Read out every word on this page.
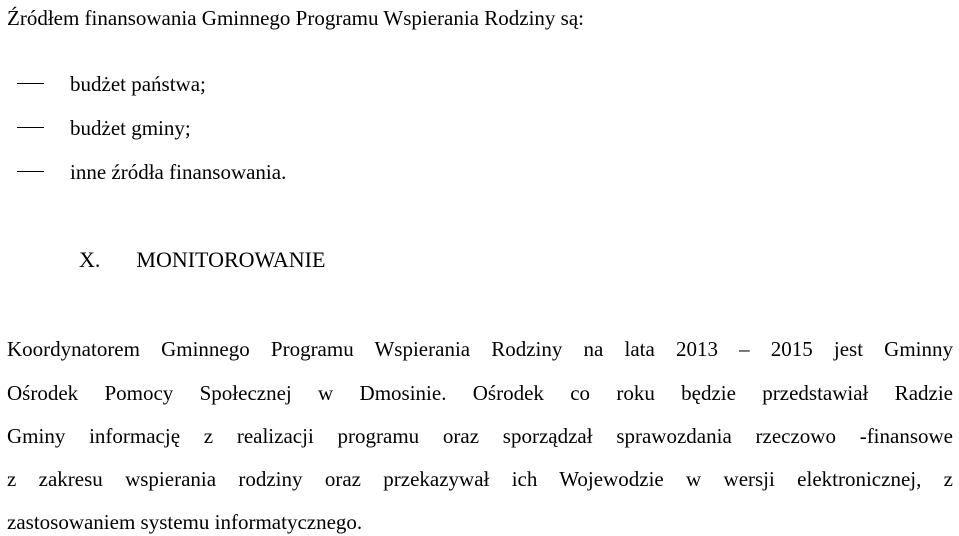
Źródłem finansowania Gminnego Programu Wspierania Rodziny są:
budżet państwa;
budżet gminy;
inne źródła finansowania.
X. MONITOROWANIE
Koordynatorem Gminnego Programu Wspierania Rodziny na lata 2013 – 2015 jest Gminny
Ośrodek Pomocy Społecznej w Dmosinie. Ośrodek co roku będzie przedstawiał Radzie
Gminy informację z realizacji programu oraz sporządzał sprawozdania rzeczowo -finansowe
z zakresu wspierania rodziny oraz przekazywał ich Wojewodzie w wersji elektronicznej, z
zastosowaniem systemu informatycznego.
